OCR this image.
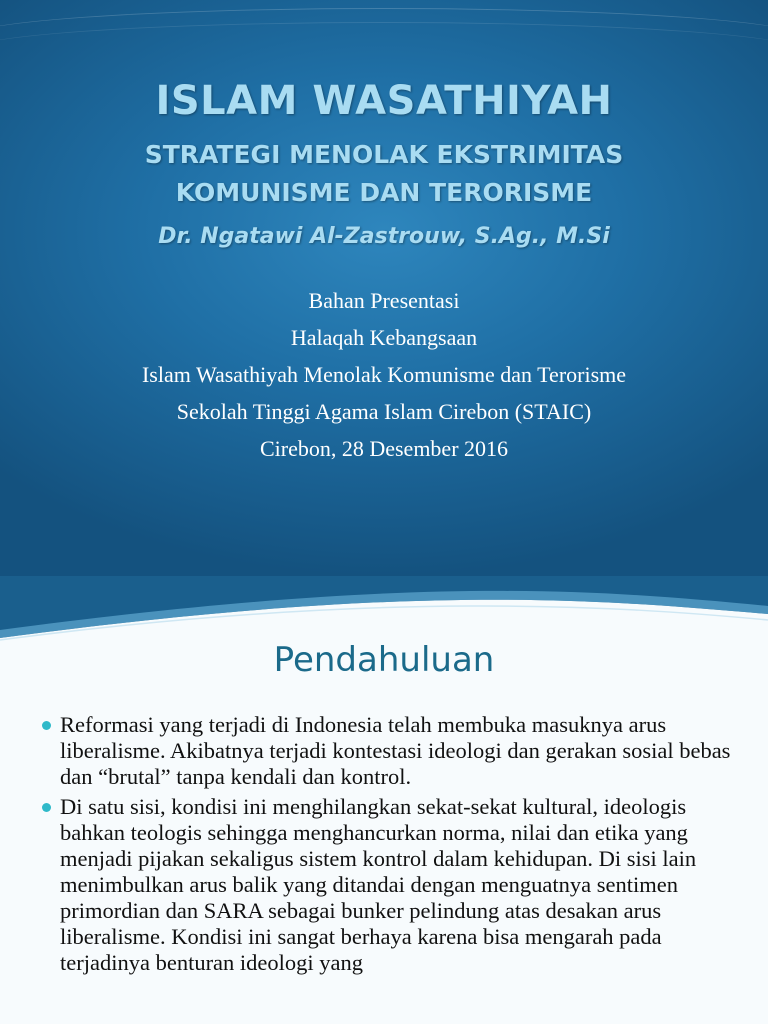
ISLAM WASATHIYAH
STRATEGI MENOLAK EKSTRIMITAS
KOMUNISME DAN TERORISME
Dr. Ngatawi Al-Zastrouw, S.Ag., M.Si
Bahan Presentasi
Halaqah Kebangsaan
Islam Wasathiyah Menolak Komunisme dan Terorisme
Sekolah Tinggi Agama Islam Cirebon (STAIC)
Cirebon, 28 Desember 2016
Pendahuluan
Reformasi yang terjadi di Indonesia telah membuka masuknya arus liberalisme. Akibatnya terjadi kontestasi ideologi dan gerakan sosial bebas dan “brutal” tanpa kendali dan kontrol.
Di satu sisi, kondisi ini menghilangkan sekat-sekat kultural, ideologis bahkan teologis sehingga menghancurkan norma, nilai dan etika yang menjadi pijakan sekaligus sistem kontrol dalam kehidupan. Di sisi lain menimbulkan arus balik yang ditandai dengan menguatnya sentimen primordian dan SARA sebagai bunker pelindung atas desakan arus liberalisme. Kondisi ini sangat berhaya karena bisa mengarah pada terjadinya benturan ideologi yang
